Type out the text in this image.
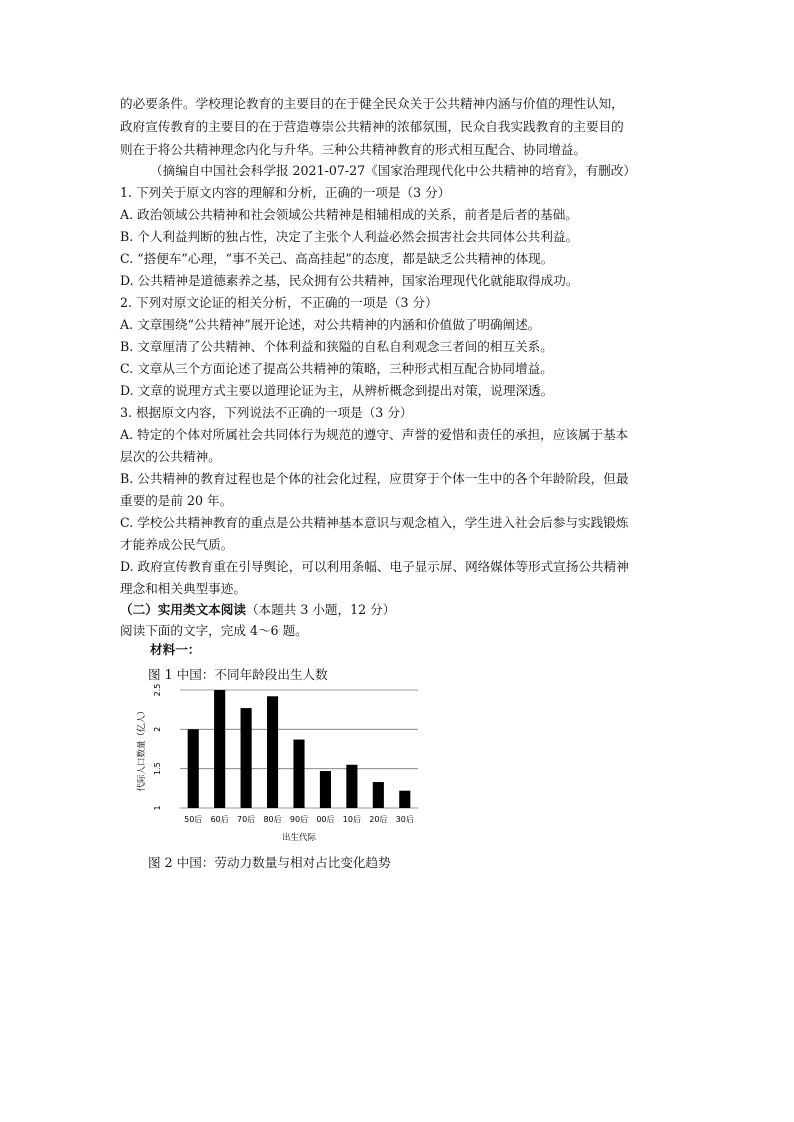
的必要条件。学校理论教育的主要目的在于健全民众关于公共精神内涵与价值的理性认知，
政府宣传教育的主要目的在于营造尊崇公共精神的浓郁氛围，民众自我实践教育的主要目的
则在于将公共精神理念内化与升华。三种公共精神教育的形式相互配合、协同增益。
（摘编自中国社会科学报 2021-07-27《国家治理现代化中公共精神的培育》，有删改）
1. 下列关于原文内容的理解和分析，正确的一项是（3 分）
A. 政治领域公共精神和社会领域公共精神是相辅相成的关系，前者是后者的基础。
B. 个人利益判断的独占性，决定了主张个人利益必然会损害社会共同体公共利益。
C. “搭便车”心理，“事不关己、高高挂起”的态度，都是缺乏公共精神的体现。
D. 公共精神是道德素养之基，民众拥有公共精神，国家治理现代化就能取得成功。
2. 下列对原文论证的相关分析，不正确的一项是（3 分）
A. 文章围绕“公共精神”展开论述，对公共精神的内涵和价值做了明确阐述。
B. 文章厘清了公共精神、个体利益和狭隘的自私自利观念三者间的相互关系。
C. 文章从三个方面论述了提高公共精神的策略，三种形式相互配合协同增益。
D. 文章的说理方式主要以道理论证为主，从辨析概念到提出对策，说理深透。
3. 根据原文内容，下列说法不正确的一项是（3 分）
A. 特定的个体对所属社会共同体行为规范的遵守、声誉的爱惜和责任的承担，应该属于基本
层次的公共精神。
B. 公共精神的教育过程也是个体的社会化过程，应贯穿于个体一生中的各个年龄阶段，但最
重要的是前 20 年。
C. 学校公共精神教育的重点是公共精神基本意识与观念植入，学生进入社会后参与实践锻炼
才能养成公民气质。
D. 政府宣传教育重在引导舆论，可以利用条幅、电子显示屏、网络媒体等形式宣扬公共精神
理念和相关典型事迹。
（二）实用类文本阅读（本题共 3 小题，12 分）
阅读下面的文字，完成 4～6 题。
材料一：
图 1 中国：不同年龄段出生人数
1
1.5
2
2.5
50后 60后 70后 80后 90后 00后 10后 20后 30后
代际人口数量（亿人）
出生代际
图 2 中国：劳动力数量与相对占比变化趋势
